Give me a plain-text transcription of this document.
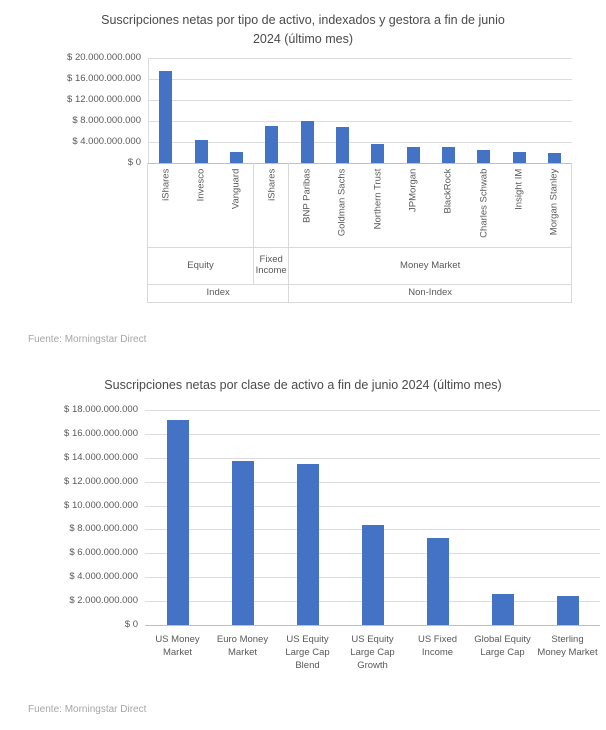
Suscripciones netas por tipo de activo, indexados y gestora a fin de junio
2024 (último mes)
$ 0
$ 4.000.000.000
$ 8.000.000.000
$ 12.000.000.000
$ 16.000.000.000
$ 20.000.000.000
iShares	Invesco	Vanguard	iShares	BNP Paribas	Goldman Sachs	Northern Trust	JPMorgan	BlackRock	Charles Schwab	Insight IM	Morgan Stanley
Equity	Fixed Income	Money Market
Index	Non-Index
Fuente: Morningstar Direct
Suscripciones netas por clase de activo a fin de junio 2024 (último mes)
$ 0
$ 2.000.000.000
$ 4.000.000.000
$ 6.000.000.000
$ 8.000.000.000
$ 10.000.000.000
$ 12.000.000.000
$ 14.000.000.000
$ 16.000.000.000
$ 18.000.000.000
US Money Market
Euro Money Market
US Equity Large Cap Blend
US Equity Large Cap Growth
US Fixed Income
Global Equity Large Cap
Sterling Money Market
Fuente: Morningstar Direct
